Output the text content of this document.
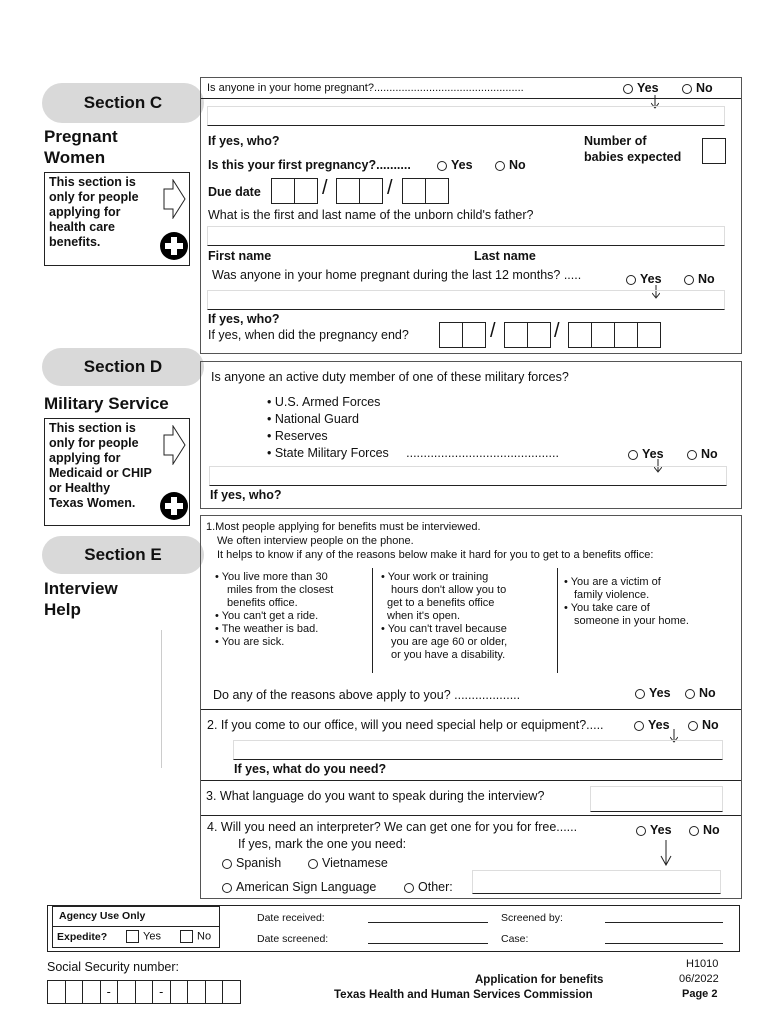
Section C
Pregnant
Women
This section is
only for people
applying for
health care
benefits.
Is anyone in your home pregnant?.................................................	Yes	No
If yes, who?	Number of
babies expected
Is this your first pregnancy?..........	Yes	No
Due date	/	/
What is the first and last name of the unborn child's father?
First name	Last name
Was anyone in your home pregnant during the last 12 months? .....	Yes	No
If yes, who?
If yes, when did the pregnancy end?	/	/
Section D
Military Service
This section is
only for people
applying for
Medicaid or CHIP
or Healthy
Texas Women.
Is anyone an active duty member of one of these military forces?
• U.S. Armed Forces
• National Guard
• Reserves
• State Military Forces ............................................	Yes	No
If yes, who?
Section E
Interview
Help
1.Most people applying for benefits must be interviewed.
We often interview people on the phone.
It helps to know if any of the reasons below make it hard for you to get to a benefits office:
• You live more than 30
miles from the closest
benefits office.
• You can't get a ride.
• The weather is bad.
• You are sick.
• Your work or training
hours don't allow you to
get to a benefits office
when it's open.
• You can't travel because
you are age 60 or older,
or you have a disability.
• You are a victim of
family violence.
• You take care of
someone in your home.
Do any of the reasons above apply to you? ...................	Yes	No
2. If you come to our office, will you need special help or equipment?.....	Yes	No
If yes, what do you need?
3. What language do you want to speak during the interview?
4. Will you need an interpreter? We can get one for you for free......	Yes	No
If yes, mark the one you need:
Spanish	Vietnamese
American Sign Language	Other:
Agency Use Only
Expedite?	Yes	No
Date received:
Date screened:
Screened by:
Case:
Social Security number:
-	-
Application for benefits
Texas Health and Human Services Commission
H1010
06/2022
Page 2
